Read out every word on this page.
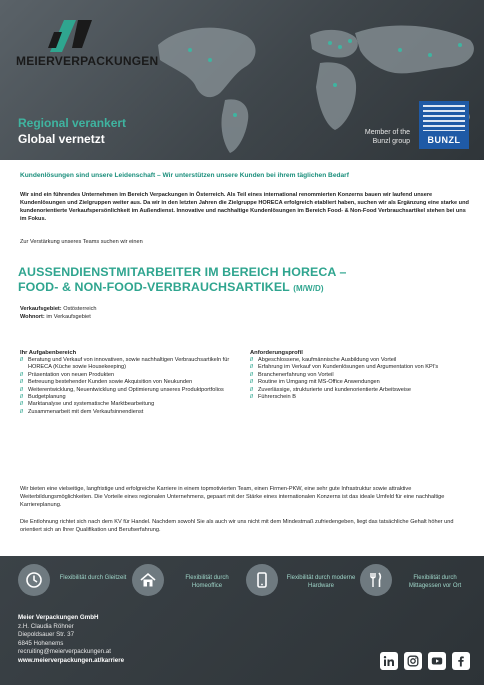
MEIERVERPACKUNGEN
Regional verankert
Global vernetzt	Member of the Bunzl group BUNZL
Kundenlösungen sind unsere Leidenschaft – Wir unterstützen unsere Kunden bei ihrem täglichen Bedarf
Wir sind ein führendes Unternehmen im Bereich Verpackungen in Österreich. Als Teil eines international renommierten Konzerns bauen wir laufend unsere Kundenlösungen und Zielgruppen weiter aus. Da wir in den letzten Jahren die Zielgruppe HORECA erfolgreich etabliert haben, suchen wir als Ergänzung eine starke und kundenorientierte Verkaufspersönlichkeit im Außendienst. Innovative und nachhaltige Kundenlösungen im Bereich Food- & Non-Food Verbrauchsartikel stehen bei uns im Fokus.
Zur Verstärkung unseres Teams suchen wir einen
AUSSENDIENSTMITARBEITER IM BEREICH HORECA –
FOOD- & NON-FOOD-VERBRAUCHSARTIKEL (M/W/D)
Verkaufsgebiet: Ostösterreich
Wohnort: im Verkaufsgebiet
Ihr Aufgabenbereich
// Beratung und Verkauf von innovativen, sowie nachhaltigen Verbrauchsartikeln für HORECA (Küche sowie Housekeeping)
// Präsentation von neuen Produkten
// Betreuung bestehender Kunden sowie Akquisition von Neukunden
// Weiterentwicklung, Neuentwicklung und Optimierung unseres Produktportfolios
// Budgetplanung
// Marktanalyse und systematische Marktbearbeitung
// Zusammenarbeit mit dem Verkaufsinnendienst
Anforderungsprofil
// Abgeschlossene, kaufmännische Ausbildung von Vorteil
// Erfahrung im Verkauf von Kundenlösungen und Argumentation von KPI's
// Branchenerfahrung von Vorteil
// Routine im Umgang mit MS-Office Anwendungen
// Zuverlässige, strukturierte und kundenorientierte Arbeitsweise
// Führerschein B
Wir bieten eine vielseitige, langfristige und erfolgreiche Karriere in einem topmotivierten Team, einen Firmen-PKW, eine sehr gute Infrastruktur sowie attraktive Weiterbildungsmöglichkeiten. Die Vorteile eines regionalen Unternehmens, gepaart mit der Stärke eines internationalen Konzerns ist das ideale Umfeld für eine nachhaltige Karriereplanung.
Die Entlohnung richtet sich nach dem KV für Handel. Nachdem sowohl Sie als auch wir uns nicht mit dem Mindestmaß zufriedengeben, liegt das tatsächliche Gehalt höher und orientiert sich an Ihrer Qualifikation und Berufserfahrung.
Flexibilität durch Gleitzeit	Flexibilität durch Homeoffice
Flexibilität durch moderne Hardware
Flexibilität durch Mittagessen vor Ort
Meier Verpackungen GmbH
z.H. Claudia Röhner
Diepoldsauer Str. 37
6845 Hohenems
recruiting@meierverpackungen.at
www.meierverpackungen.at/karriere
